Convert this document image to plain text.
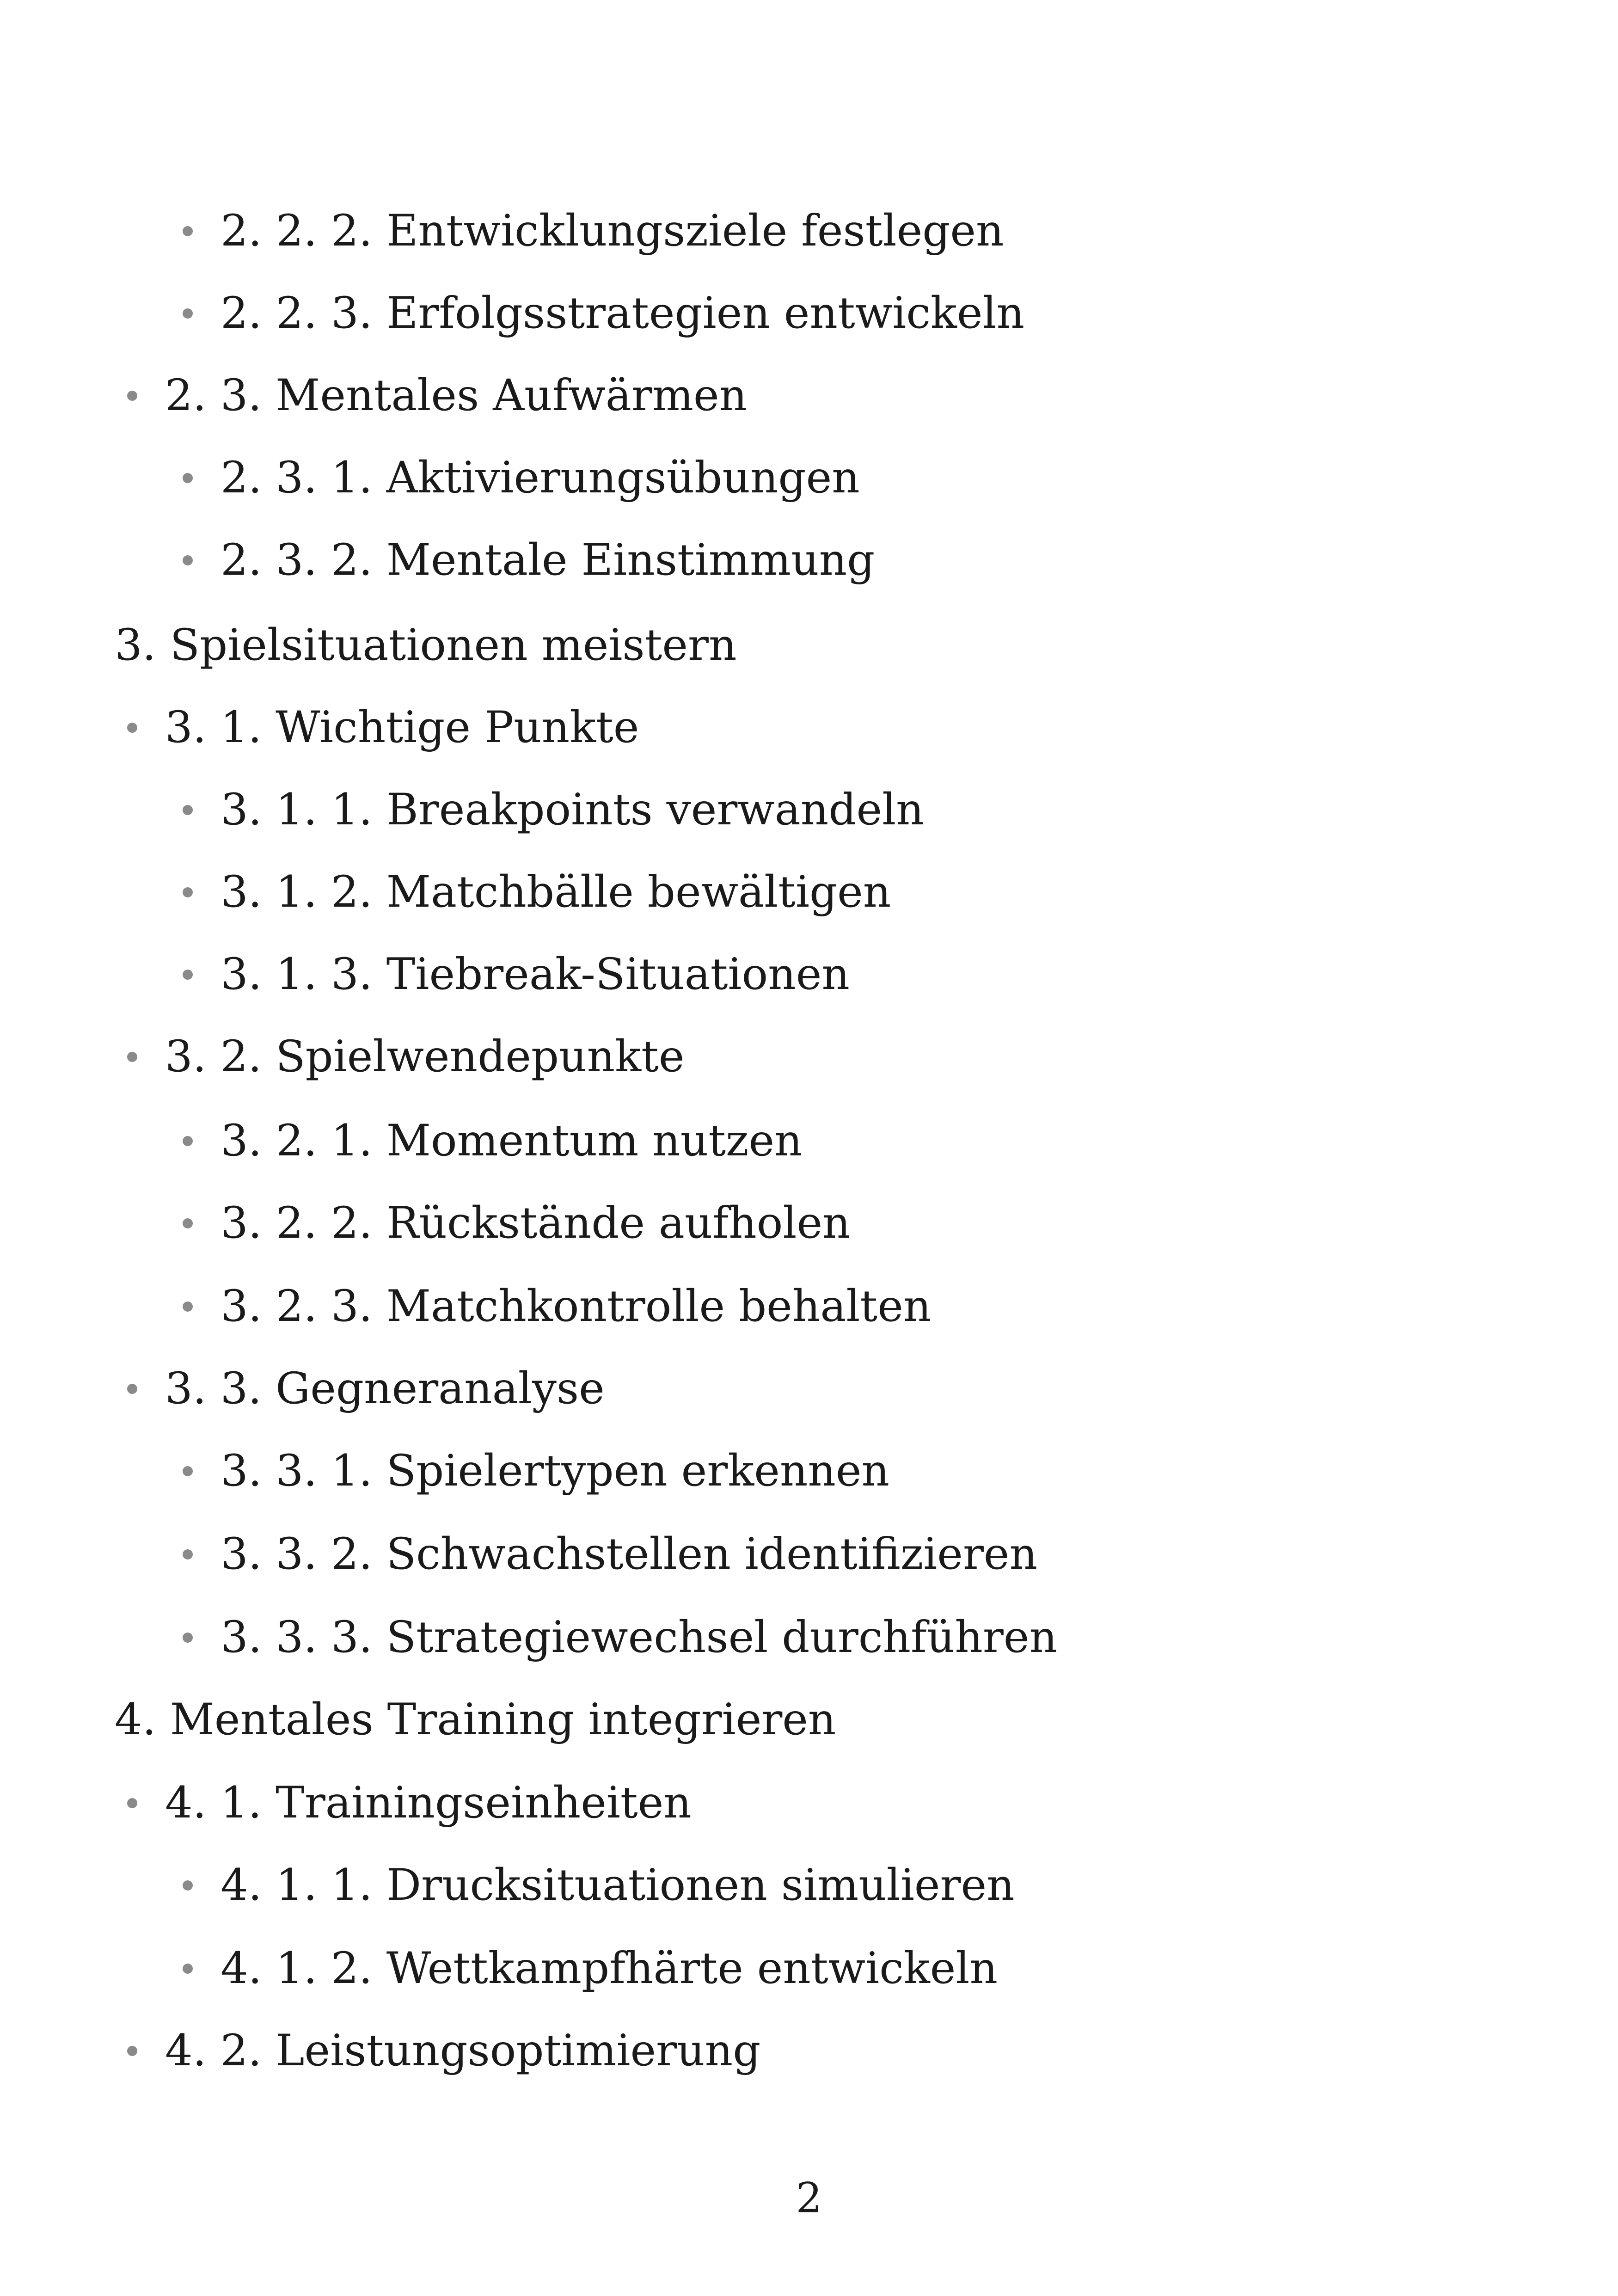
2. 2. 2. Entwicklungsziele festlegen
2. 2. 3. Erfolgsstrategien entwickeln
2. 3. Mentales Aufwärmen
2. 3. 1. Aktivierungsübungen
2. 3. 2. Mentale Einstimmung
3. Spielsituationen meistern
3. 1. Wichtige Punkte
3. 1. 1. Breakpoints verwandeln
3. 1. 2. Matchbälle bewältigen
3. 1. 3. Tiebreak-Situationen
3. 2. Spielwendepunkte
3. 2. 1. Momentum nutzen
3. 2. 2. Rückstände aufholen
3. 2. 3. Matchkontrolle behalten
3. 3. Gegneranalyse
3. 3. 1. Spielertypen erkennen
3. 3. 2. Schwachstellen identifizieren
3. 3. 3. Strategiewechsel durchführen
4. Mentales Training integrieren
4. 1. Trainingseinheiten
4. 1. 1. Drucksituationen simulieren
4. 1. 2. Wettkampfhärte entwickeln
4. 2. Leistungsoptimierung
2
